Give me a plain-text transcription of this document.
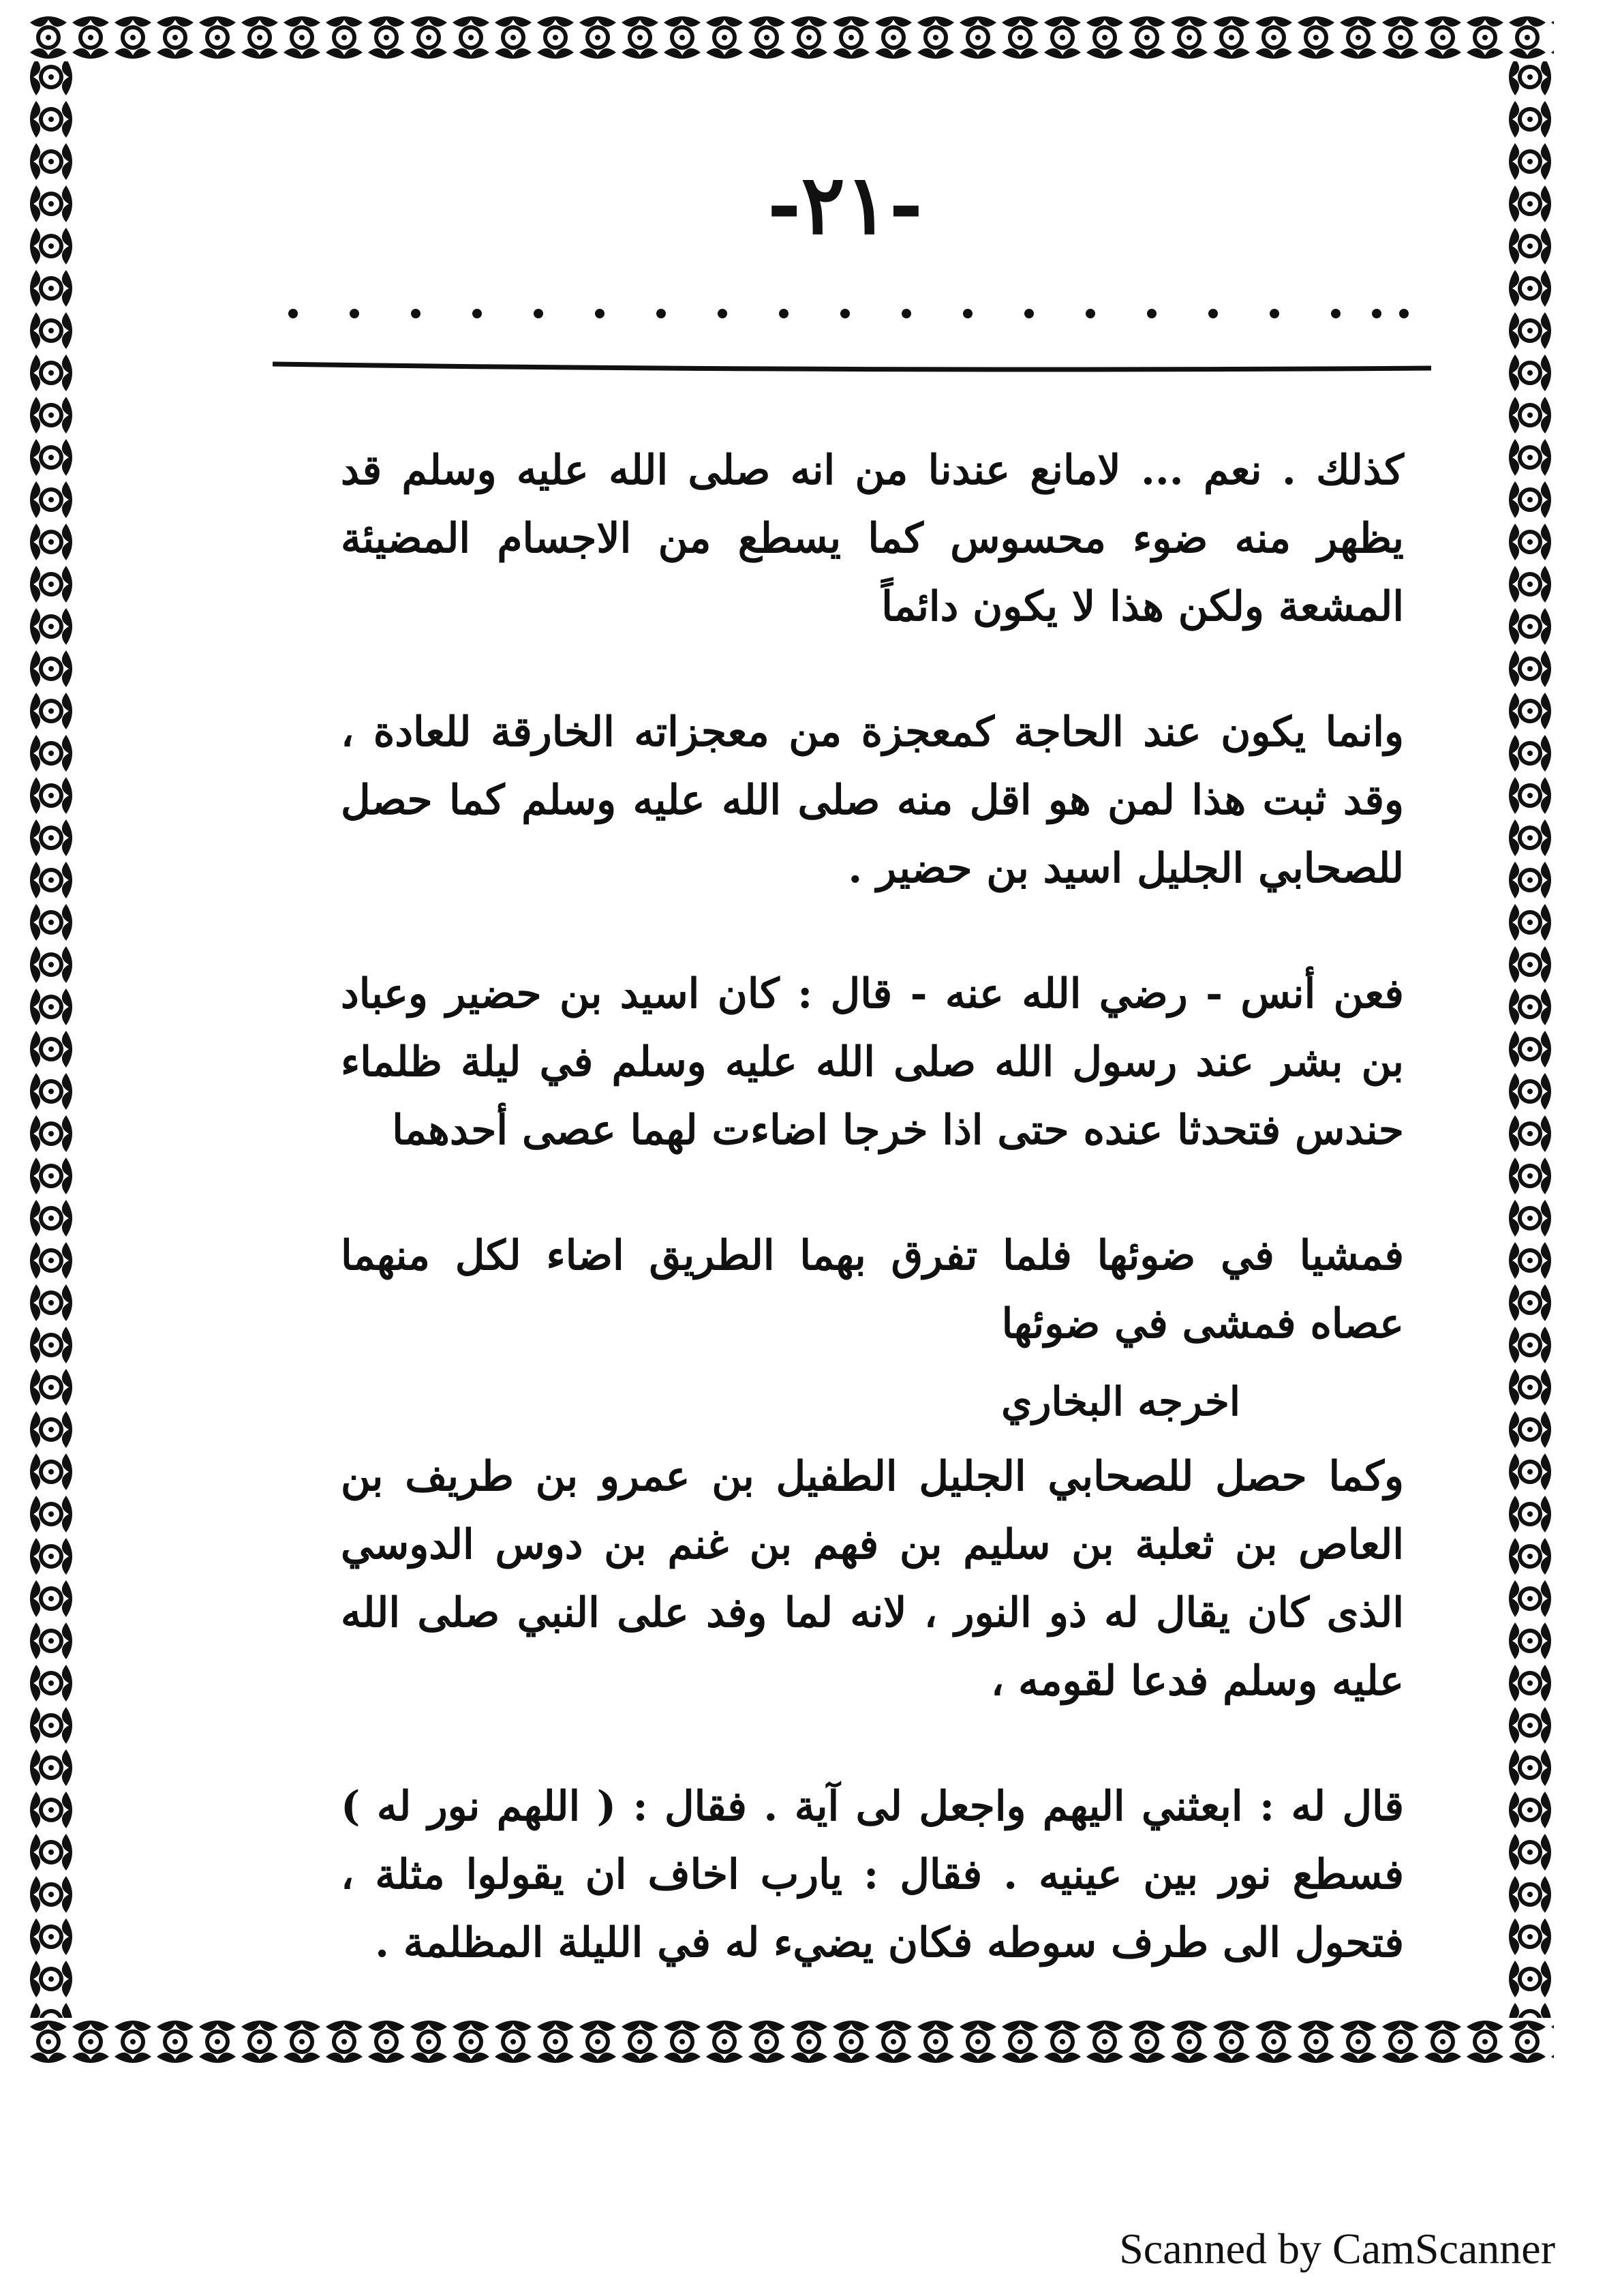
-٢١-

كذلك . نعم ... لامانع عندنا من انه صلى الله عليه وسلم قد يظهر منه ضوء محسوس كما يسطع من الاجسام المضيئة المشعة ولكن هذا لا يكون دائماً

وانما يكون عند الحاجة كمعجزة من معجزاته الخارقة للعادة ، وقد ثبت هذا لمن هو اقل منه صلى الله عليه وسلم كما حصل للصحابي الجليل اسيد بن حضير .

فعن أنس - رضي الله عنه - قال : كان اسيد بن حضير وعباد بن بشر عند رسول الله صلى الله عليه وسلم في ليلة ظلماء حندس فتحدثا عنده حتى اذا خرجا اضاءت لهما عصى أحدهما

فمشيا في ضوئها فلما تفرق بهما الطريق اضاء لكل منهما عصاه فمشى في ضوئها

اخرجه البخاري

وكما حصل للصحابي الجليل الطفيل بن عمرو بن طريف بن العاص بن ثعلبة بن سليم بن فهم بن غنم بن دوس الدوسي الذى كان يقال له ذو النور ، لانه لما وفد على النبي صلى الله عليه وسلم فدعا لقومه ،

قال له : ابعثني اليهم واجعل لى آية . فقال : ( اللهم نور له ) فسطع نور بين عينيه . فقال : يارب اخاف ان يقولوا مثلة ، فتحول الى طرف سوطه فكان يضيء له في الليلة المظلمة .

Scanned by CamScanner
